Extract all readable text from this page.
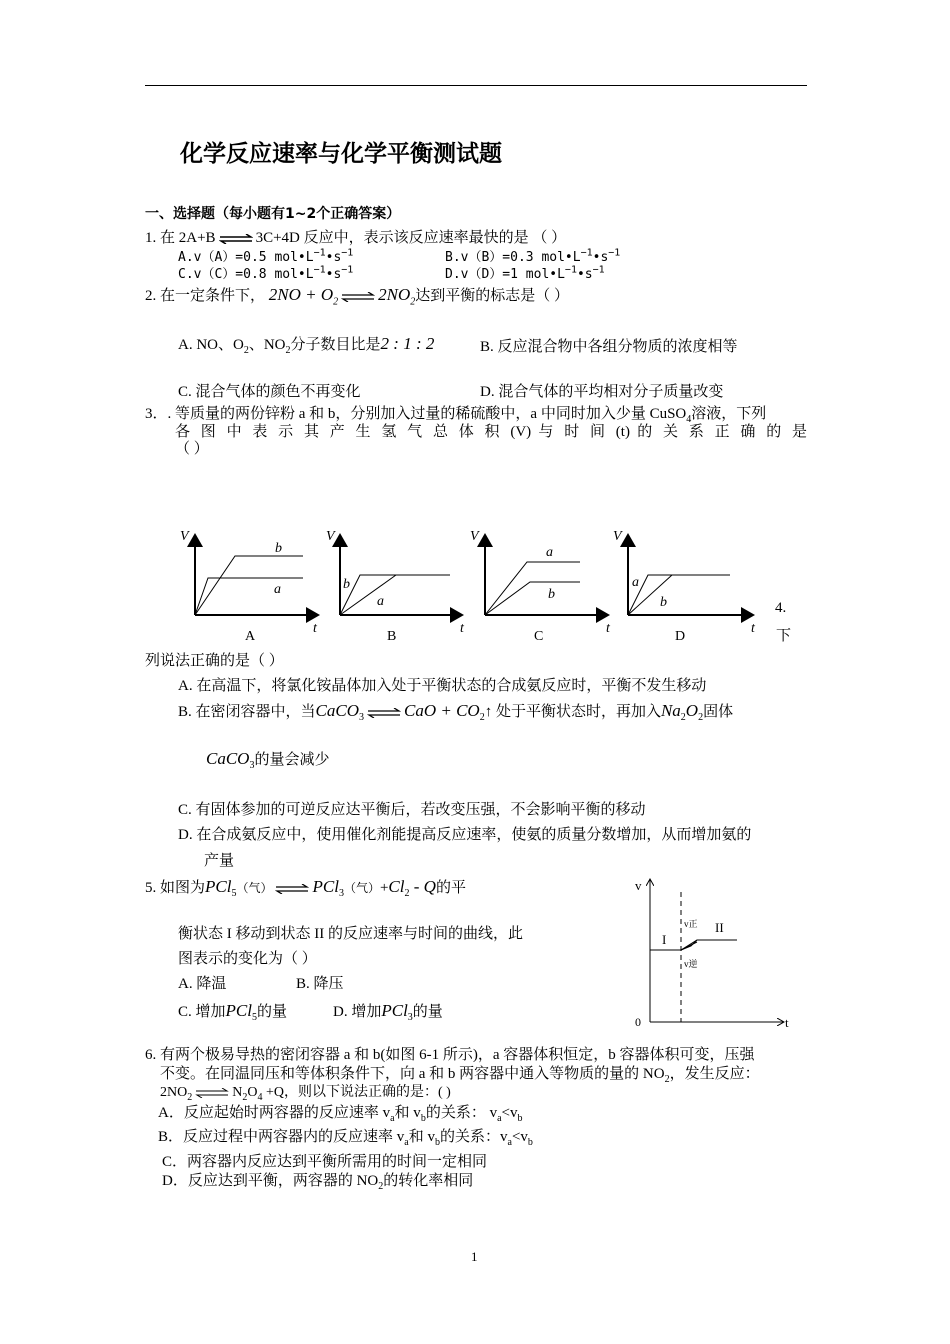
化学反应速率与化学平衡测试题
一、选择题（每小题有1~2个正确答案）
1. 在 2A+B ⇌ 3C+4D 反应中，表示该反应速率最快的是 （ ）
A.v（A）=0.5 $mol•L^{-1}•s^{-1}$	B.v（B）=0.3 $mol•L^{-1}•s^{-1}$
C.v（C）=0.8 $mol•L^{-1}•s^{-1}$	D.v（D）=1 $mol•L^{-1}•s^{-1}$
2. 在一定条件下， $2NO + O_2$ ⇌ $2NO_2$达到平衡的标志是（ ）
A. NO、$O_2$、$NO_2$分子数目比是2 : 1 : 2	B. 反应混合物中各组分物质的浓度相等
C. 混合气体的颜色不再变化	D. 混合气体的平均相对分子质量改变
3．. 等质量的两份锌粉 a 和 b，分别加入过量的稀硫酸中，a 中同时加入少量 CuSO$_4$溶液，下列
各 图 中 表 示 其 产 生 氢 气 总 体 积 (V) 与 时 间 (t) 的 关 系 正 确 的 是
（ ）
V
t
b
a
A
V
t
b
a
B
V
t
a
b
C
V
t
a
b
D
4.
下
列说法正确的是（ ）
A. 在高温下，将氯化铵晶体加入处于平衡状态的合成氨反应时，平衡不发生移动
B. 在密闭容器中，当CaCO$_3$ ⇌ CaO + $CO_2↑$ 处于平衡状态时，再加入$Na_2O_2$固体
CaCO$_3$的量会减少
C. 有固体参加的可逆反应达平衡后，若改变压强，不会影响平衡的移动
D. 在合成氨反应中，使用催化剂能提高反应速率，使氨的质量分数增加，从而增加氨的
产量
5. 如图为PCl$_5$（气） ⇌ PCl$_3$（气）$+Cl_2 - Q$的平
衡状态 I 移动到状态 II 的反应速率与时间的曲线，此
图表示的变化为（ ）
A. 降温	B. 降压
C. 增加PCl$_5$的量	D. 增加PCl$_3$的量
v
t
0
I
II
v正
v逆
6. 有两个极易导热的密闭容器 a 和 b(如图 6-1 所示)，a 容器体积恒定，b 容器体积可变，压强
不变。在同温同压和等体积条件下，向 a 和 b 两容器中通入等物质的量的 $NO_2$，发生反应：
$2NO_2$ ⇌ $N_2O_4 +Q$，则以下说法正确的是：( )
A．反应起始时两容器的反应速率 $v_a$和 $v_b$的关系： $v_a<v_b$
B．反应过程中两容器内的反应速率 $v_a$和 $v_b$的关系：$v_a<v_b$
C．两容器内反应达到平衡所需用的时间一定相同
D．反应达到平衡，两容器的 $NO_2$的转化率相同
1
